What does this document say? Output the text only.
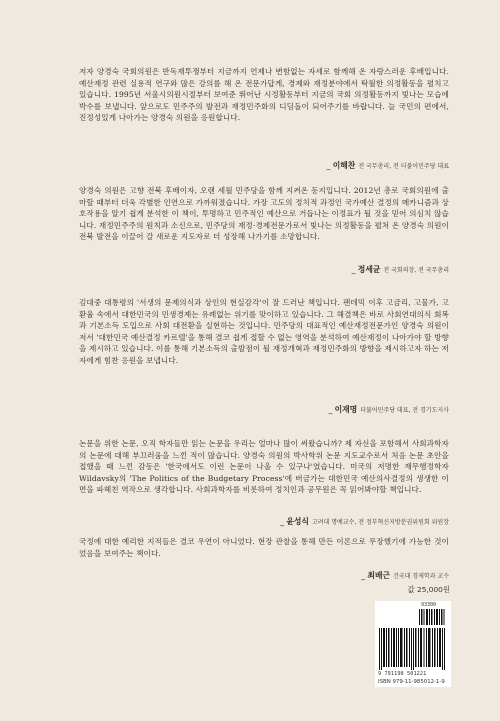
저자 양경숙 국회의원은 반독재투쟁부터 지금까지 언제나 변함없는 자세로 함께해 온 자랑스러운 후배입니다. 예산재정 관련 실용적 연구와 많은 강의를 해 온 전문가답게, 경제와 재정분야에서 탁월한 의정활동을 펼치고 있습니다. 1995년 서울시의원시절부터 보여준 뛰어난 시정활동부터 지금의 국회 의정활동까지 빛나는 모습에 박수를 보냅니다. 앞으로도 민주주의 발전과 재정민주화의 디딤돌이 되어주기를 바랍니다. 늘 국민의 편에서, 진정성있게 나아가는 양경숙 의원을 응원합니다.

_ 이해찬 전 국무총리, 전 더불어민주당 대표

양경숙 의원은 고향 전북 후배이자, 오랜 세월 민주당을 함께 지켜온 동지입니다. 2012년 총로 국회의원에 출마할 때부터 더욱 각별한 인연으로 가까워졌습니다. 가장 고도의 정치적 과정인 국가예산 결정의 메카니즘과 상호작용을 알기 쉽게 분석한 이 책이, 투명하고 민주적인 예산으로 거듭나는 이정표가 될 것을 믿어 의심치 않습니다. 재정민주주의 원칙과 소신으로, 민주당의 재정·경제전문가로서 빛나는 의정활동을 펼쳐 온 양경숙 의원이 전북 발전을 이끌어 갈 새로운 지도자로 더 성장해 나가기를 소망합니다.

_ 정세균 전 국회의장, 전 국무총리

김대중 대통령의 '서생의 문제의식과 상인의 현실감각'이 잘 드러난 책입니다. 팬데믹 이후 고금리, 고물가, 고환율 속에서 대한민국의 민생경제는 유례없는 위기를 맞이하고 있습니다. 그 해결책은 바로 사회연대의식 회복과 기본소득 도입으로 사회 대전환을 실현하는 것입니다. 민주당의 대표적인 예산재정전문가인 양경숙 의원이 저서 '대한민국 예산결정 카르텔'을 통해 결코 쉽게 접할 수 없는 영역을 분석하여 예산재정이 나아가야 할 방향을 제시하고 있습니다. 이를 통해 기본소득의 출발점이 될 재정개혁과 재정민주화의 방향을 제시하고자 하는 저자에게 힘찬 응원을 보냅니다.

_ 이재명 더불어민주당 대표, 전 경기도지사

논문을 위한 논문, 오직 학자들만 읽는 논문을 우리는 얼마나 많이 써왔습니까? 제 자신을 포함해서 사회과학자의 논문에 대해 부끄러움을 느낀 적이 많습니다. 양경숙 의원의 박사학위 논문 지도교수로서 처음 논문 초안을 접했을 때 느낀 감동은 '한국에서도 이런 논문이 나올 수 있구나'였습니다. 미국의 저명한 재무행정학자 Wildavsky의 'The Politics of the Budgetary Process'에 버금가는 대한민국 예산의사결정의 생생한 이면을 파헤친 역작으로 생각합니다. 사회과학자를 비롯하여 정치인과 공무원은 꼭 읽어봐야할 책입니다.

_ 윤성식 고려대 명예교수, 전 정부혁신지방분권위원회 위원장

국정에 대한 예리한 지적들은 결코 우연이 아니었다. 현장 관찰을 통해 만든 이론으로 무장했기에 가능한 것이었음을 보여주는 책이다.

_ 최배근 건국대 경제학과 교수
값 25,000원
93300
9 791198 501221
ISBN 979-11-985012-1-9
